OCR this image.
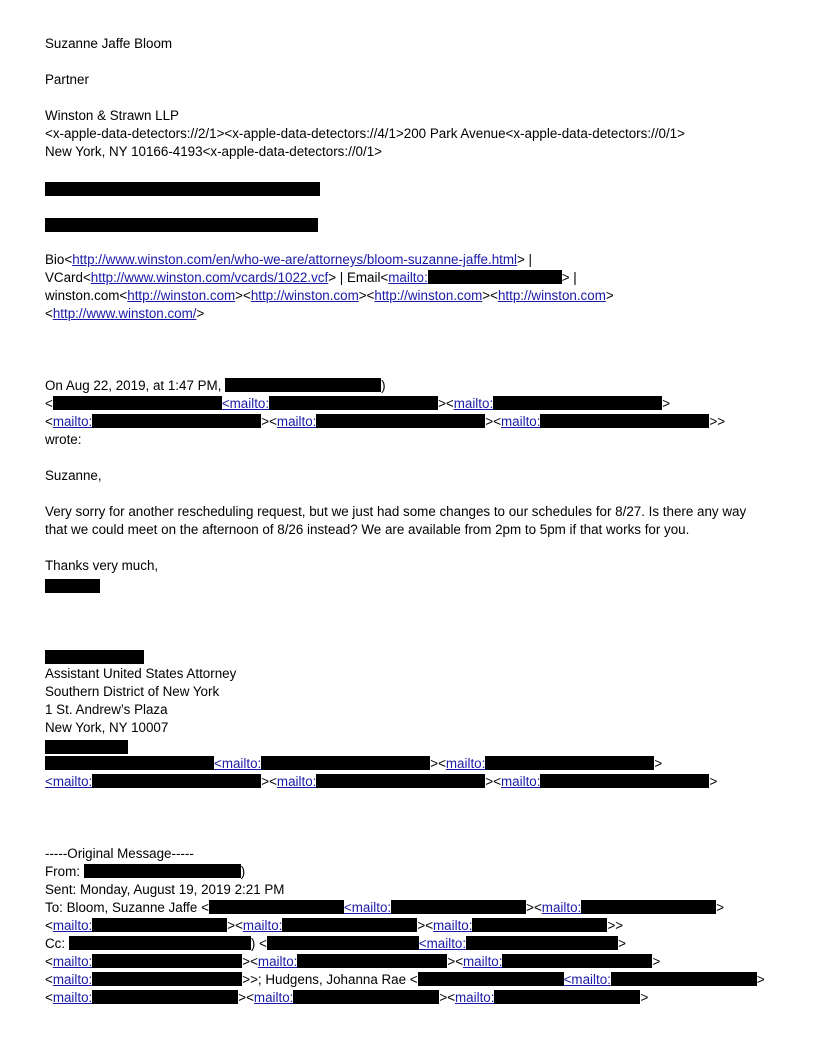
Suzanne Jaffe Bloom
Partner
Winston & Strawn LLP
<x-apple-data-detectors://2/1><x-apple-data-detectors://4/1>200 Park Avenue<x-apple-data-detectors://0/1>
New York, NY 10166-4193<x-apple-data-detectors://0/1>
Bio<http://www.winston.com/en/who-we-are/attorneys/bloom-suzanne-jaffe.html> |
VCard<http://www.winston.com/vcards/1022.vcf> | Email<mailto:	> |
winston.com<http://winston.com><http://winston.com><http://winston.com><http://winston.com>
<http://www.winston.com/>
On Aug 22, 2019, at 1:47 PM,	)
<	<mailto:	><mailto:	>
<mailto:	><mailto:	><mailto:	>>
wrote:
Suzanne,
Very sorry for another rescheduling request, but we just had some changes to our schedules for 8/27. Is there any way
that we could meet on the afternoon of 8/26 instead? We are available from 2pm to 5pm if that works for you.
Thanks very much,
Assistant United States Attorney
Southern District of New York
1 St. Andrew’s Plaza
New York, NY 10007
<mailto:	><mailto:	>
<mailto:	><mailto:	><mailto:	>
-----Original Message-----
From:	)
Sent: Monday, August 19, 2019 2:21 PM
To: Bloom, Suzanne Jaffe <	<mailto:	><mailto:	>
<mailto:	><mailto:	><mailto:	>>
Cc:	) <	<mailto:	>
<mailto:	><mailto:	><mailto:	>
<mailto:	>>; Hudgens, Johanna Rae <	<mailto:	>
<mailto:	><mailto:	><mailto:	>
